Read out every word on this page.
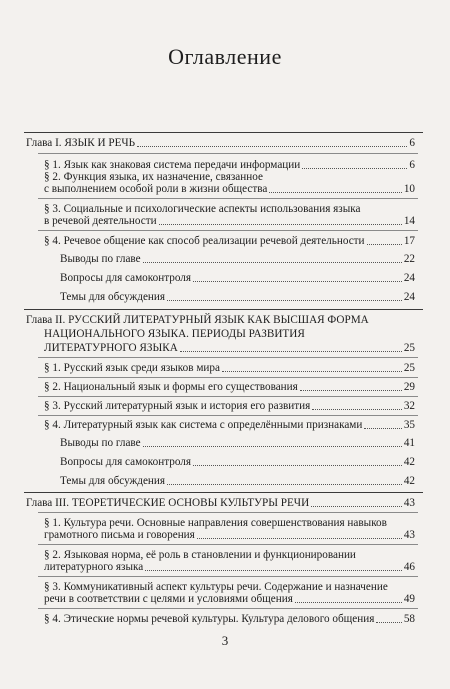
Оглавление
Глава I. ЯЗЫК И РЕЧЬ	6
§ 1. Язык как знаковая система передачи информации	6
§ 2. Функция языка, их назначение, связанное
с выполнением особой роли в жизни общества	10
§ 3. Социальные и психологические аспекты использования языка
в речевой деятельности	14
§ 4. Речевое общение как способ реализации речевой деятельности	17
Выводы по главе	22
Вопросы для самоконтроля	24
Темы для обсуждения	24
Глава II. РУССКИЙ ЛИТЕРАТУРНЫЙ ЯЗЫК КАК ВЫСШАЯ ФОРМА
НАЦИОНАЛЬНОГО ЯЗЫКА. ПЕРИОДЫ РАЗВИТИЯ
ЛИТЕРАТУРНОГО ЯЗЫКА	25
§ 1. Русский язык среди языков мира	25
§ 2. Национальный язык и формы его существования	29
§ 3. Русский литературный язык и история его развития	32
§ 4. Литературный язык как система с определёнными признаками	35
Выводы по главе	41
Вопросы для самоконтроля	42
Темы для обсуждения	42
Глава III. ТЕОРЕТИЧЕСКИЕ ОСНОВЫ КУЛЬТУРЫ РЕЧИ	43
§ 1. Культура речи. Основные направления совершенствования навыков
грамотного письма и говорения	43
§ 2. Языковая норма, её роль в становлении и функционировании
литературного языка	46
§ 3. Коммуникативный аспект культуры речи. Содержание и назначение
речи в соответствии с целями и условиями общения	49
§ 4. Этические нормы речевой культуры. Культура делового общения	58
3
